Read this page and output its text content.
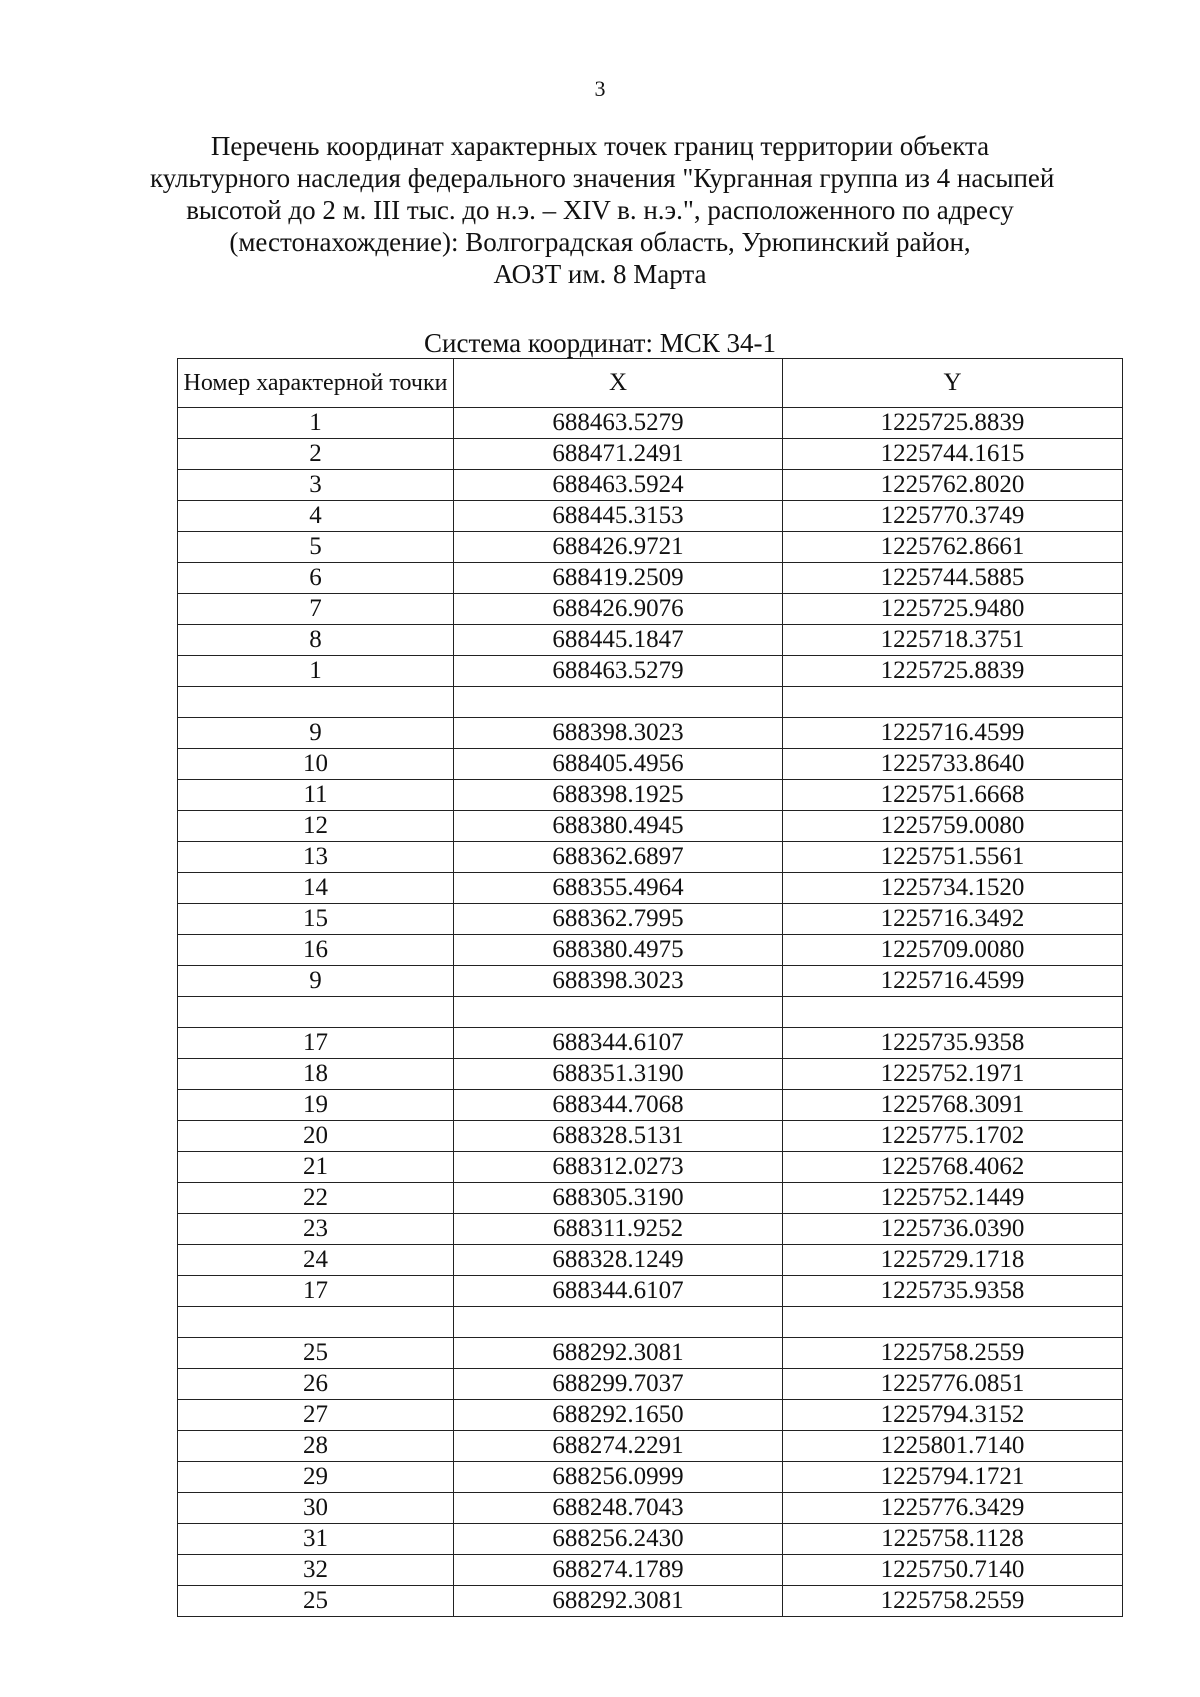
3
Перечень координат характерных точек границ территории объекта
культурного наследия федерального значения "Курганная группа из 4 насыпей
высотой до 2 м. III тыс. до н.э. – XIV в. н.э.", расположенного по адресу
(местонахождение): Волгоградская область, Урюпинский район,
АОЗТ им. 8 Марта
Система координат: МСК 34-1
Номер характерной точки	X	Y
1	688463.5279	1225725.8839
2	688471.2491	1225744.1615
3	688463.5924	1225762.8020
4	688445.3153	1225770.3749
5	688426.9721	1225762.8661
6	688419.2509	1225744.5885
7	688426.9076	1225725.9480
8	688445.1847	1225718.3751
1	688463.5279	1225725.8839

9	688398.3023	1225716.4599
10	688405.4956	1225733.8640
11	688398.1925	1225751.6668
12	688380.4945	1225759.0080
13	688362.6897	1225751.5561
14	688355.4964	1225734.1520
15	688362.7995	1225716.3492
16	688380.4975	1225709.0080
9	688398.3023	1225716.4599

17	688344.6107	1225735.9358
18	688351.3190	1225752.1971
19	688344.7068	1225768.3091
20	688328.5131	1225775.1702
21	688312.0273	1225768.4062
22	688305.3190	1225752.1449
23	688311.9252	1225736.0390
24	688328.1249	1225729.1718
17	688344.6107	1225735.9358

25	688292.3081	1225758.2559
26	688299.7037	1225776.0851
27	688292.1650	1225794.3152
28	688274.2291	1225801.7140
29	688256.0999	1225794.1721
30	688248.7043	1225776.3429
31	688256.2430	1225758.1128
32	688274.1789	1225750.7140
25	688292.3081	1225758.2559
